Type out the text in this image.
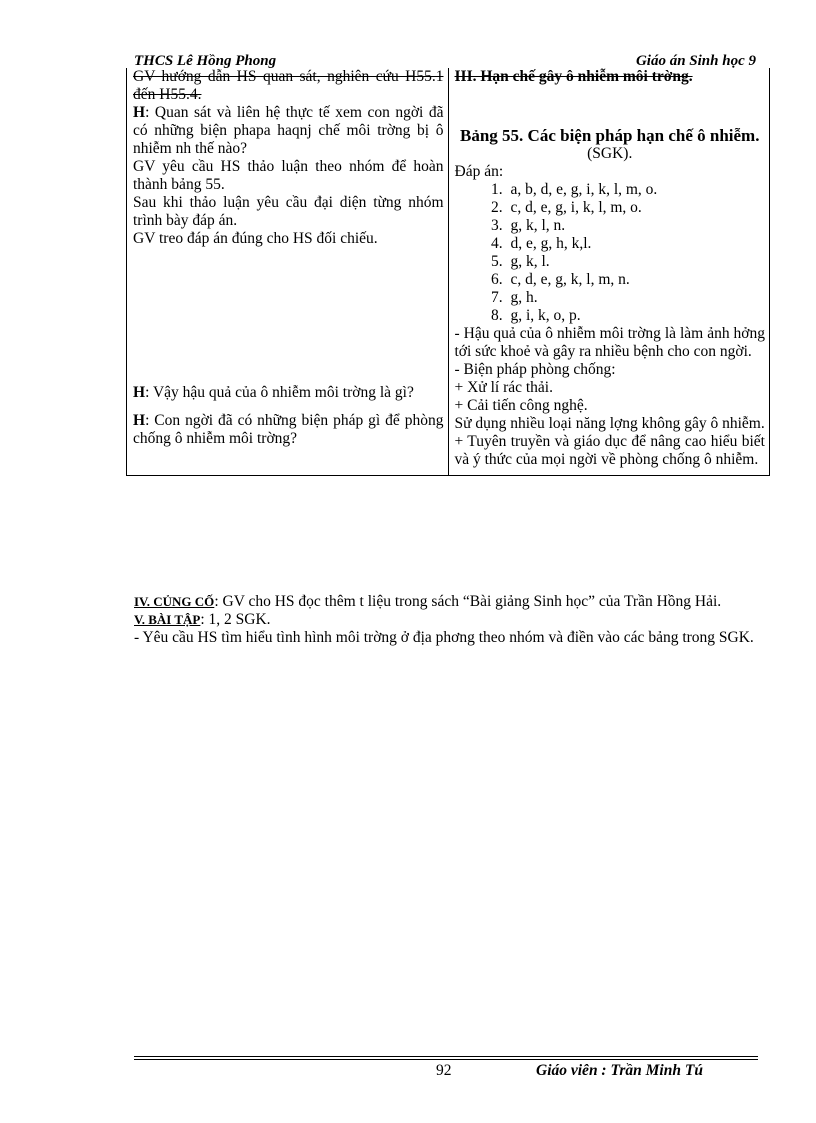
THCS Lê Hồng Phong	Giáo án Sinh học 9
GV hướng dẫn HS quan sát, nghiên cứu H55.1 đến H55.4.
H: Quan sát và liên hệ thực tế xem con ngời đã có những biện phapa haqnj chế môi trờng bị ô nhiễm nh thế nào?
GV yêu cầu HS thảo luận theo nhóm để hoàn thành bảng 55.
Sau khi thảo luận yêu cầu đại diện từng nhóm trình bày đáp án.
GV treo đáp án đúng cho HS đối chiếu.
H: Vậy hậu quả của ô nhiễm môi trờng là gì?
H: Con ngời đã có những biện pháp gì để phòng chống ô nhiễm môi trờng?

III. Hạn chế gây ô nhiễm môi trờng.
Bảng 55. Các biện pháp hạn chế ô nhiễm.
(SGK).
Đáp án:
1. a, b, d, e, g, i, k, l, m, o.
2. c, d, e, g, i, k, l, m, o.
3. g, k, l, n.
4. d, e, g, h, k,l.
5. g, k, l.
6. c, d, e, g, k, l, m, n.
7. g, h.
8. g, i, k, o, p.
- Hậu quả của ô nhiễm môi trờng là làm ảnh hởng tới sức khoẻ và gây ra nhiều bệnh cho con ngời.
- Biện pháp phòng chống:
+ Xử lí rác thải.
+ Cải tiến công nghệ.
Sử dụng nhiều loại năng lợng không gây ô nhiễm.
+ Tuyên truyền và giáo dục để nâng cao hiểu biết và ý thức của mọi ngời về phòng chống ô nhiễm.
IV. CỦNG CỐ: GV cho HS đọc thêm t liệu trong sách “Bài giảng Sinh học” của Trần Hồng Hải.
V. BÀI TẬP: 1, 2 SGK.
- Yêu cầu HS tìm hiểu tình hình môi trờng ở địa phơng theo nhóm và điền vào các bảng trong SGK.
92	Giáo viên : Trần Minh Tú
